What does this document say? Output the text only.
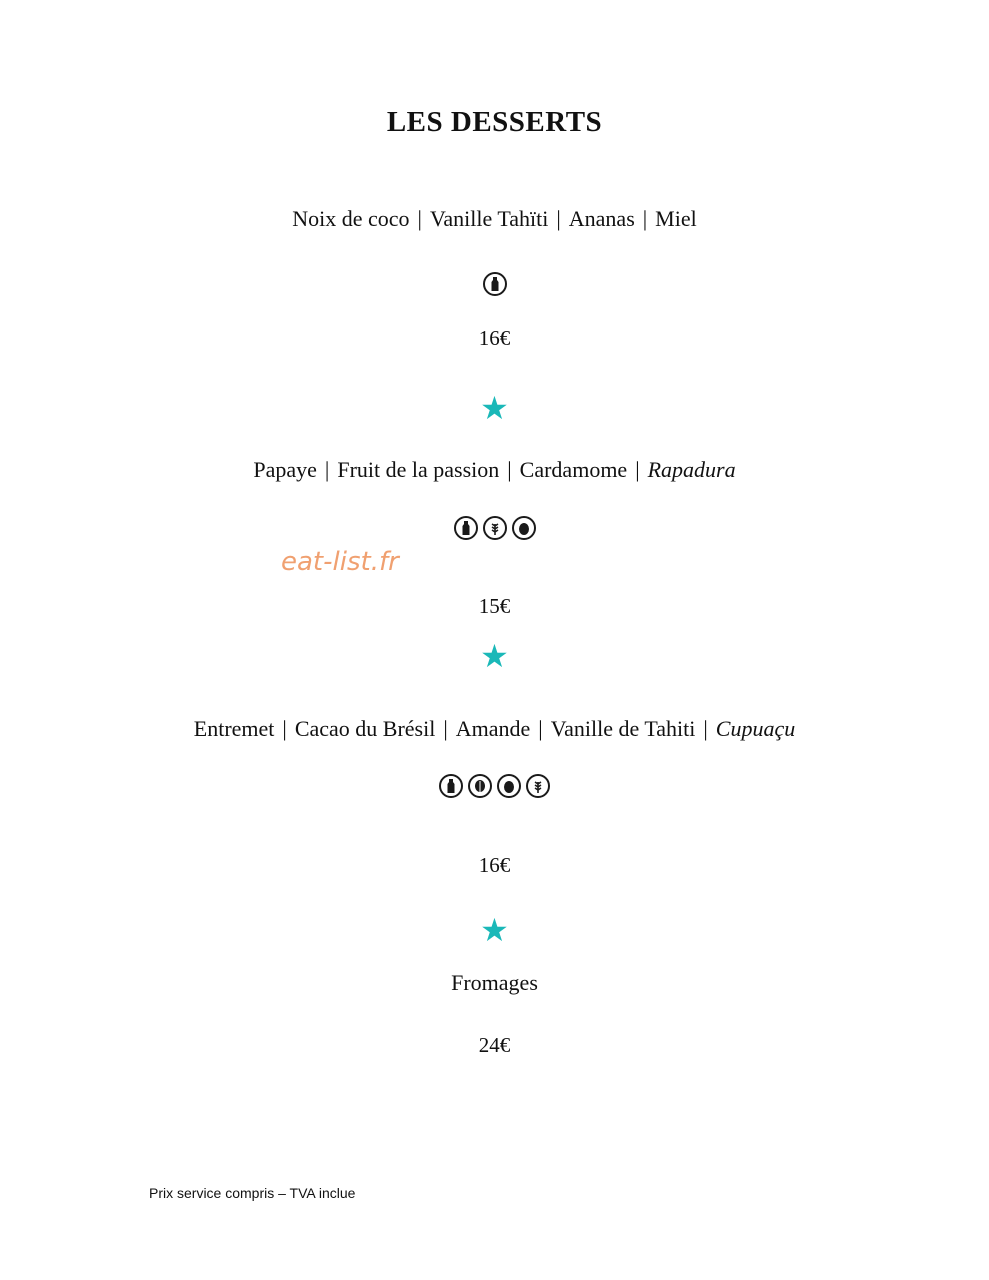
LES DESSERTS
Noix de coco | Vanille Tahïti | Ananas | Miel
16€
★
Papaye | Fruit de la passion | Cardamome | Rapadura
eat-list.fr
15€
★
Entremet | Cacao du Brésil | Amande | Vanille de Tahiti | Cupuaçu
16€
★
Fromages
24€
Prix service compris – TVA inclue
